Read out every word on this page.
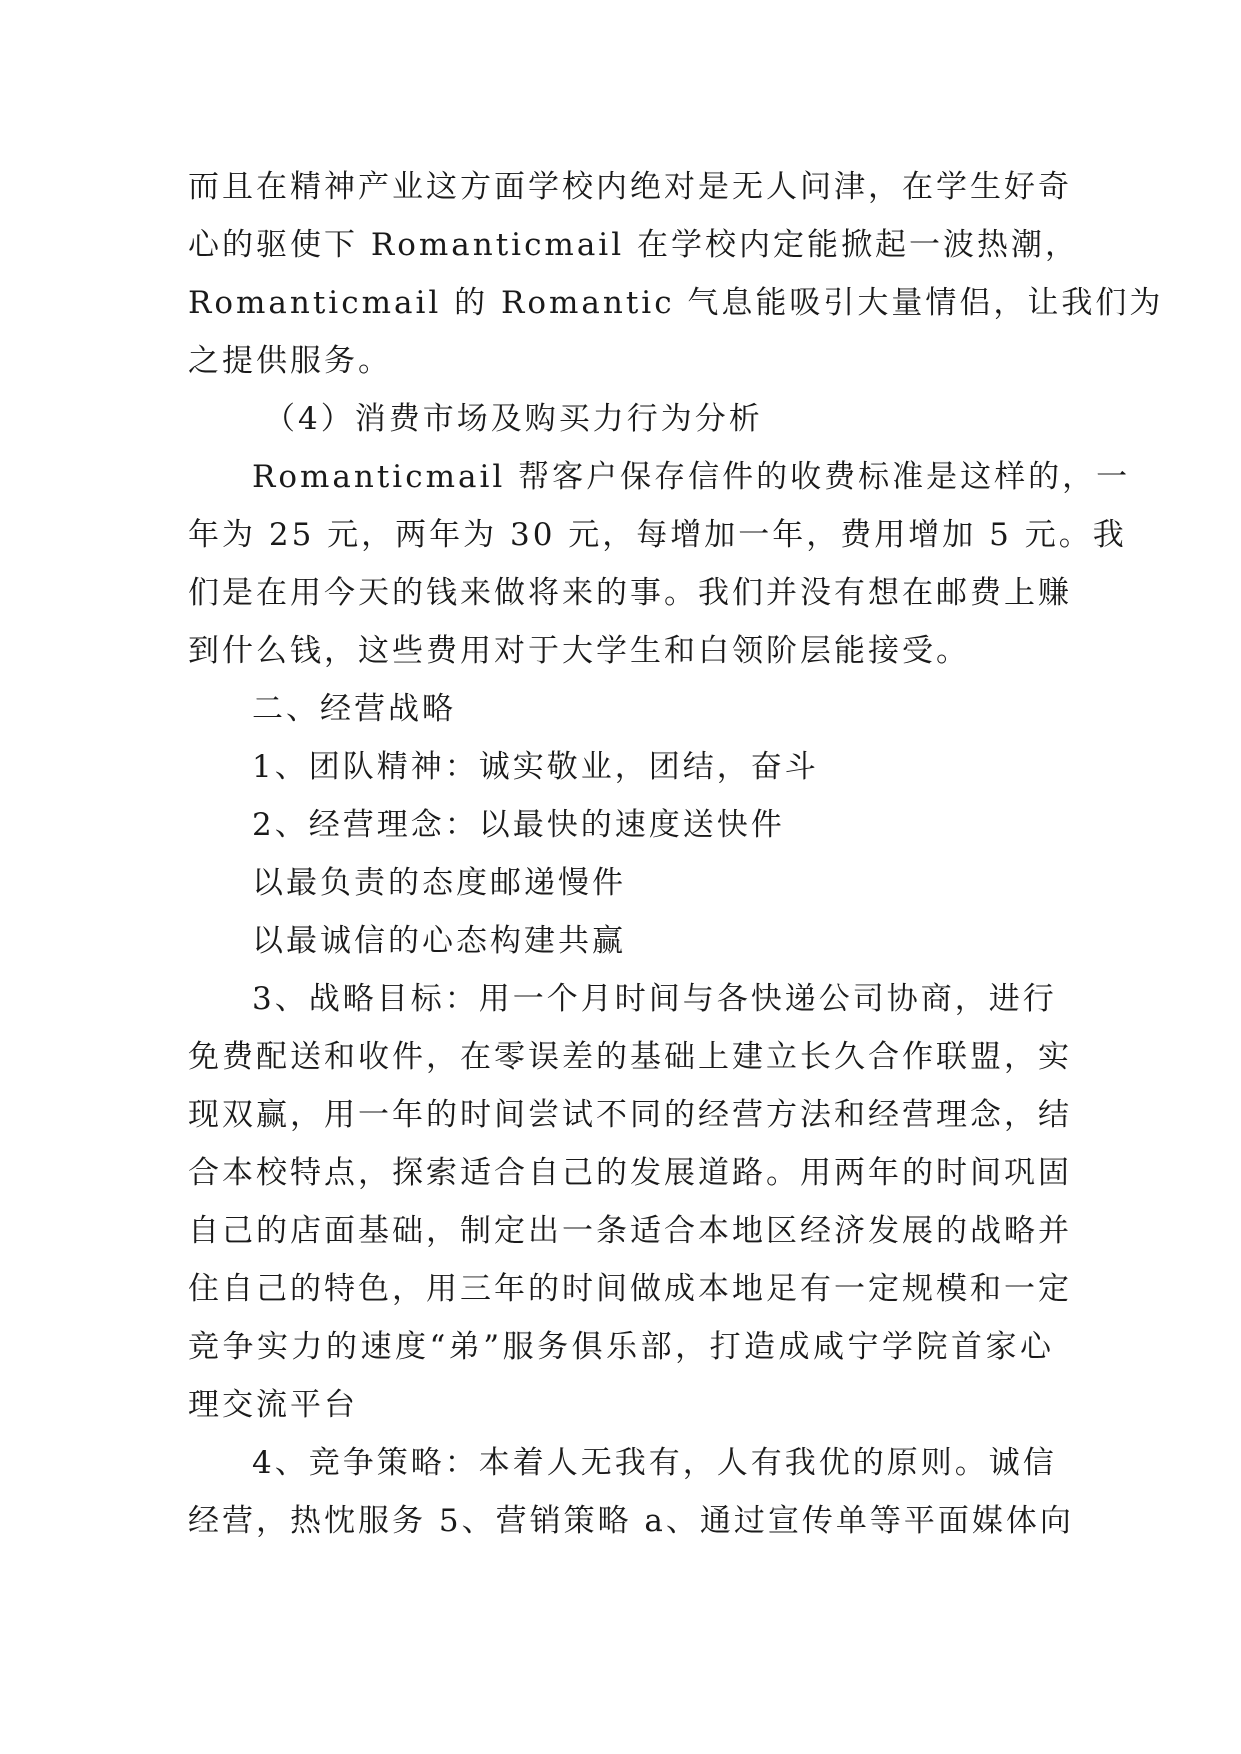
而且在精神产业这方面学校内绝对是无人问津，在学生好奇
心的驱使下 Romanticmail 在学校内定能掀起一波热潮，
Romanticmail 的 Romantic 气息能吸引大量情侣，让我们为
之提供服务。
（4）消费市场及购买力行为分析
Romanticmail 帮客户保存信件的收费标准是这样的，一
年为 25 元，两年为 30 元，每增加一年，费用增加 5 元。我
们是在用今天的钱来做将来的事。我们并没有想在邮费上赚
到什么钱，这些费用对于大学生和白领阶层能接受。
二、经营战略
1、团队精神：诚实敬业，团结，奋斗
2、经营理念：以最快的速度送快件
以最负责的态度邮递慢件
以最诚信的心态构建共赢
3、战略目标：用一个月时间与各快递公司协商，进行
免费配送和收件，在零误差的基础上建立长久合作联盟，实
现双赢，用一年的时间尝试不同的经营方法和经营理念，结
合本校特点，探索适合自己的发展道路。用两年的时间巩固
自己的店面基础，制定出一条适合本地区经济发展的战略并
住自己的特色，用三年的时间做成本地足有一定规模和一定
竞争实力的速度“弟”服务俱乐部，打造成咸宁学院首家心
理交流平台
4、竞争策略：本着人无我有，人有我优的原则。诚信
经营，热忱服务 5、营销策略 a、通过宣传单等平面媒体向
